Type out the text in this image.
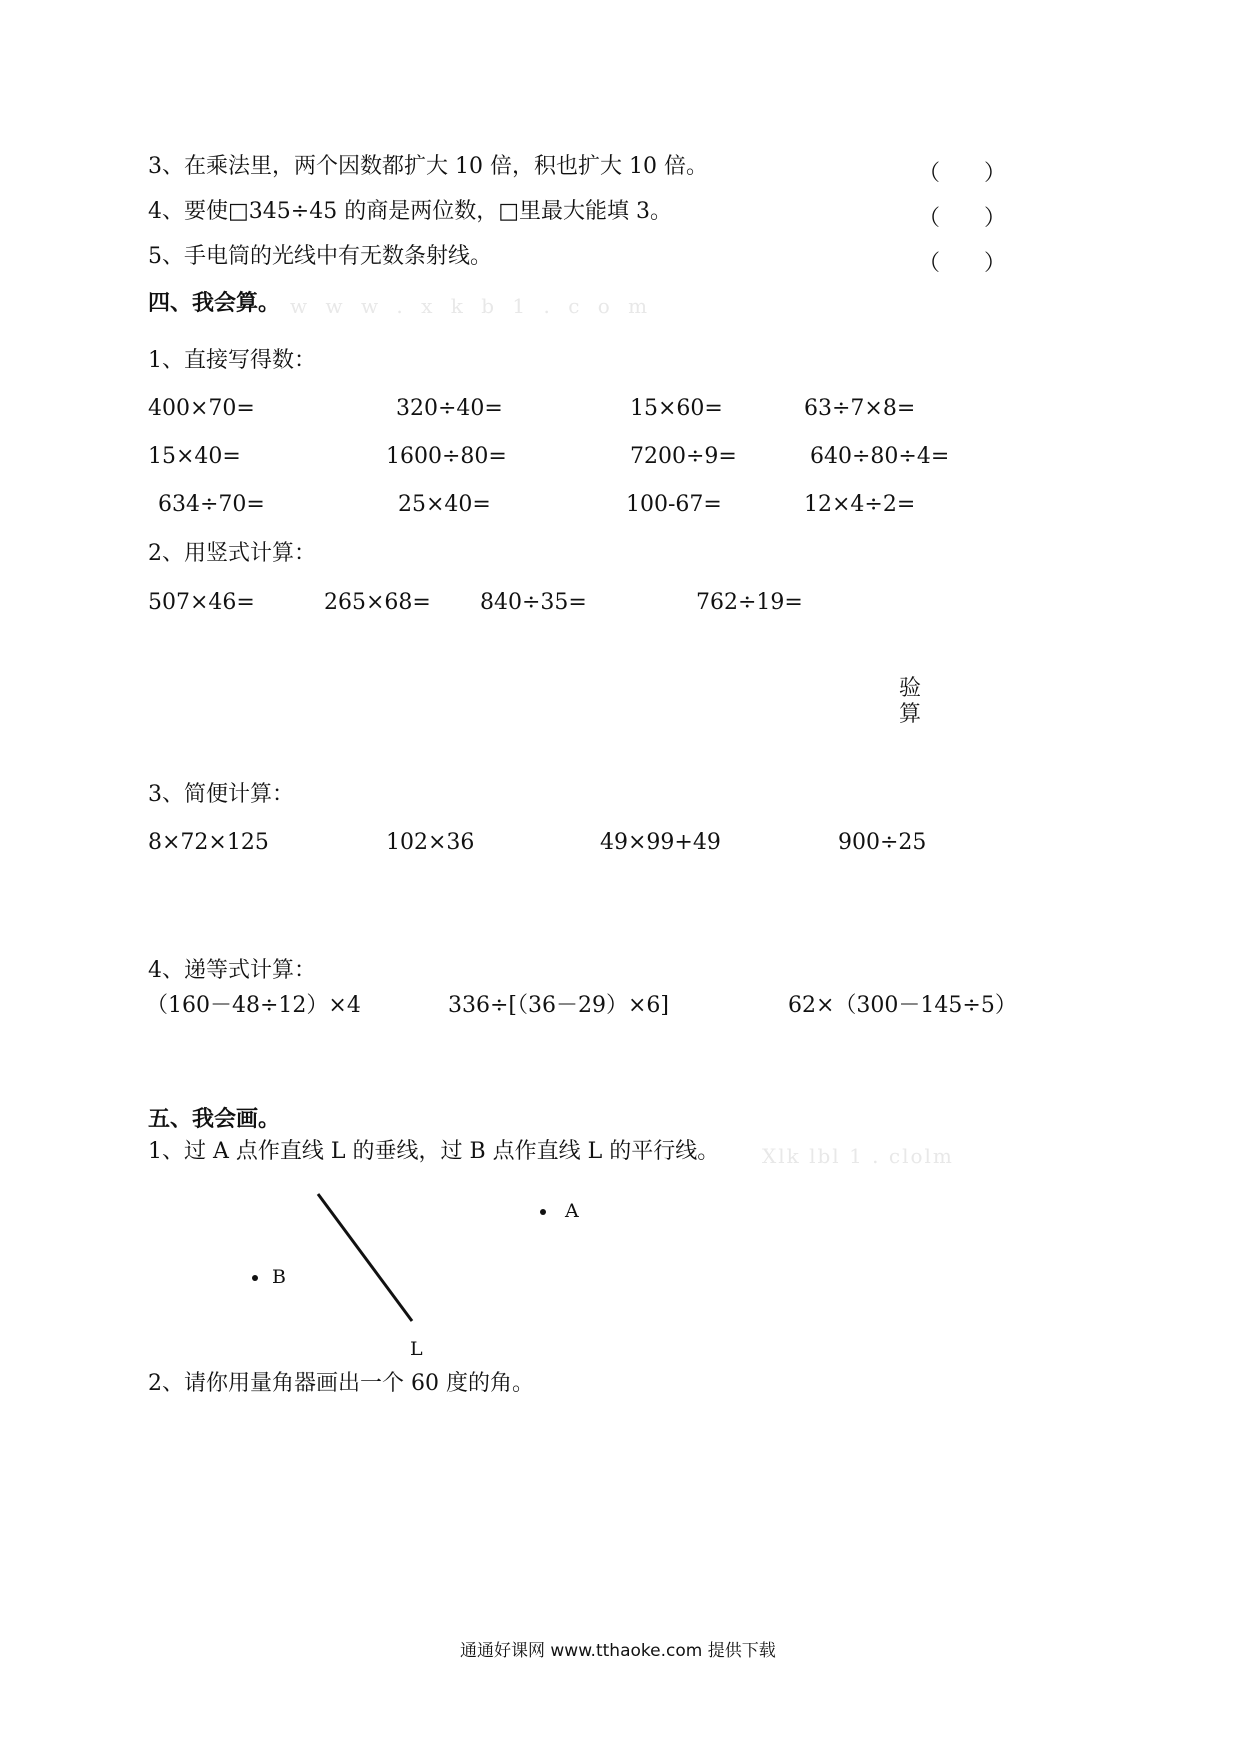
3、在乘法里，两个因数都扩大 10 倍，积也扩大 10 倍。	（　　）
4、要使□345÷45 的商是两位数，□里最大能填 3。	（　　）
5、手电筒的光线中有无数条射线。	（　　）
四、我会算。 w w w . x k b 1 . c o m
1、直接写得数：
400×70=	320÷40=	15×60=	63÷7×8=
15×40=	1600÷80=	7200÷9=	640÷80÷4=
634÷70=	25×40=	100-67=	12×4÷2=
2、用竖式计算：
507×46=	265×68= 840÷35=	762÷19=
验
算
3、简便计算：
8×72×125	102×36	49×99+49	900÷25
4、递等式计算：
（160－48÷12）×4	336÷[（36－29）×6]	62×（300－145÷5）
五、我会画。
1、过 A 点作直线 L 的垂线，过 B 点作直线 L 的平行线。 Xlk lbl 1 . clolm
A
B
L
2、请你用量角器画出一个 60 度的角。
通通好课网 www.tthaoke.com 提供下载
